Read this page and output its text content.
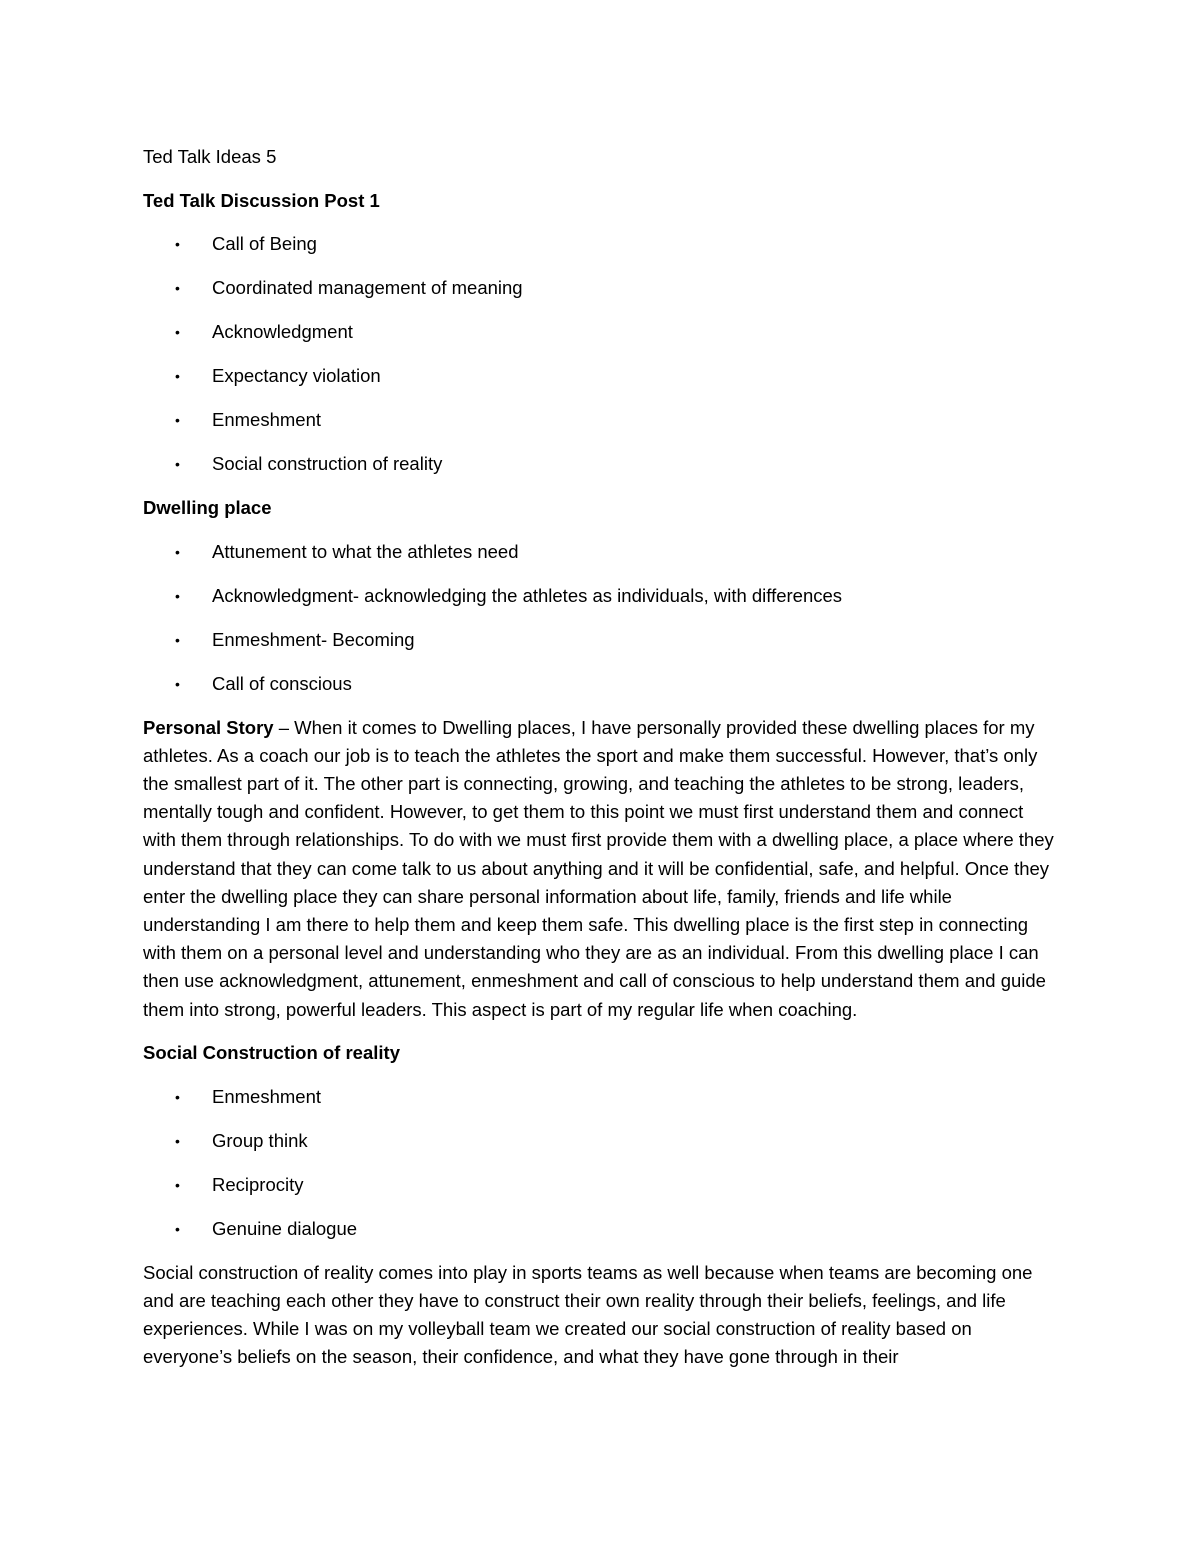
Ted Talk Ideas 5
Ted Talk Discussion Post 1
• Call of Being
• Coordinated management of meaning
• Acknowledgment
• Expectancy violation
• Enmeshment
• Social construction of reality
Dwelling place
• Attunement to what the athletes need
• Acknowledgment- acknowledging the athletes as individuals, with differences
• Enmeshment- Becoming
• Call of conscious

Personal Story – When it comes to Dwelling places, I have personally provided these dwelling places for my athletes. As a coach our job is to teach the athletes the sport and make them successful. However, that’s only the smallest part of it. The other part is connecting, growing, and teaching the athletes to be strong, leaders, mentally tough and confident. However, to get them to this point we must first understand them and connect with them through relationships. To do with we must first provide them with a dwelling place, a place where they understand that they can come talk to us about anything and it will be confidential, safe, and helpful. Once they enter the dwelling place they can share personal information about life, family, friends and life while understanding I am there to help them and keep them safe. This dwelling place is the first step in connecting with them on a personal level and understanding who they are as an individual. From this dwelling place I can then use acknowledgment, attunement, enmeshment and call of conscious to help understand them and guide them into strong, powerful leaders. This aspect is part of my regular life when coaching.

Social Construction of reality
• Enmeshment
• Group think
• Reciprocity
• Genuine dialogue

Social construction of reality comes into play in sports teams as well because when teams are becoming one and are teaching each other they have to construct their own reality through their beliefs, feelings, and life experiences. While I was on my volleyball team we created our social construction of reality based on everyone’s beliefs on the season, their confidence, and what they have gone through in their
